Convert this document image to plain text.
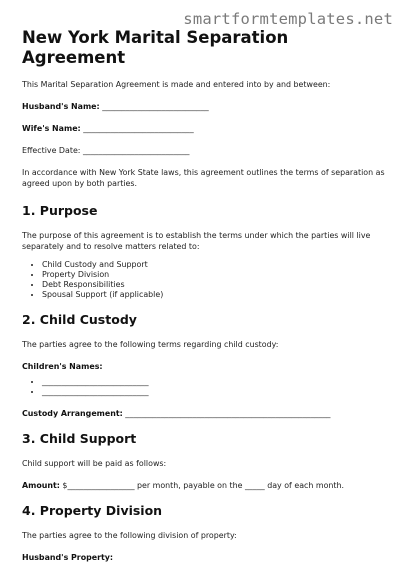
smartformtemplates.net
New York Marital Separation
Agreement

This Marital Separation Agreement is made and entered into by and between:

Husband's Name: ___________________________
Wife's Name: ____________________________
Effective Date: ___________________________

In accordance with New York State laws, this agreement outlines the terms of separation as agreed upon by both parties.

1. Purpose

The purpose of this agreement is to establish the terms under which the parties will live separately and to resolve matters related to:

• Child Custody and Support
• Property Division
• Debt Responsibilities
• Spousal Support (if applicable)
2. Child Custody

The parties agree to the following terms regarding child custody:

Children's Names:
• ___________________________
• ___________________________
Custody Arrangement: ____________________________________________________
3. Child Support

Child support will be paid as follows:

Amount: $_________________ per month, payable on the _____ day of each month.
4. Property Division

The parties agree to the following division of property:

Husband's Property:
